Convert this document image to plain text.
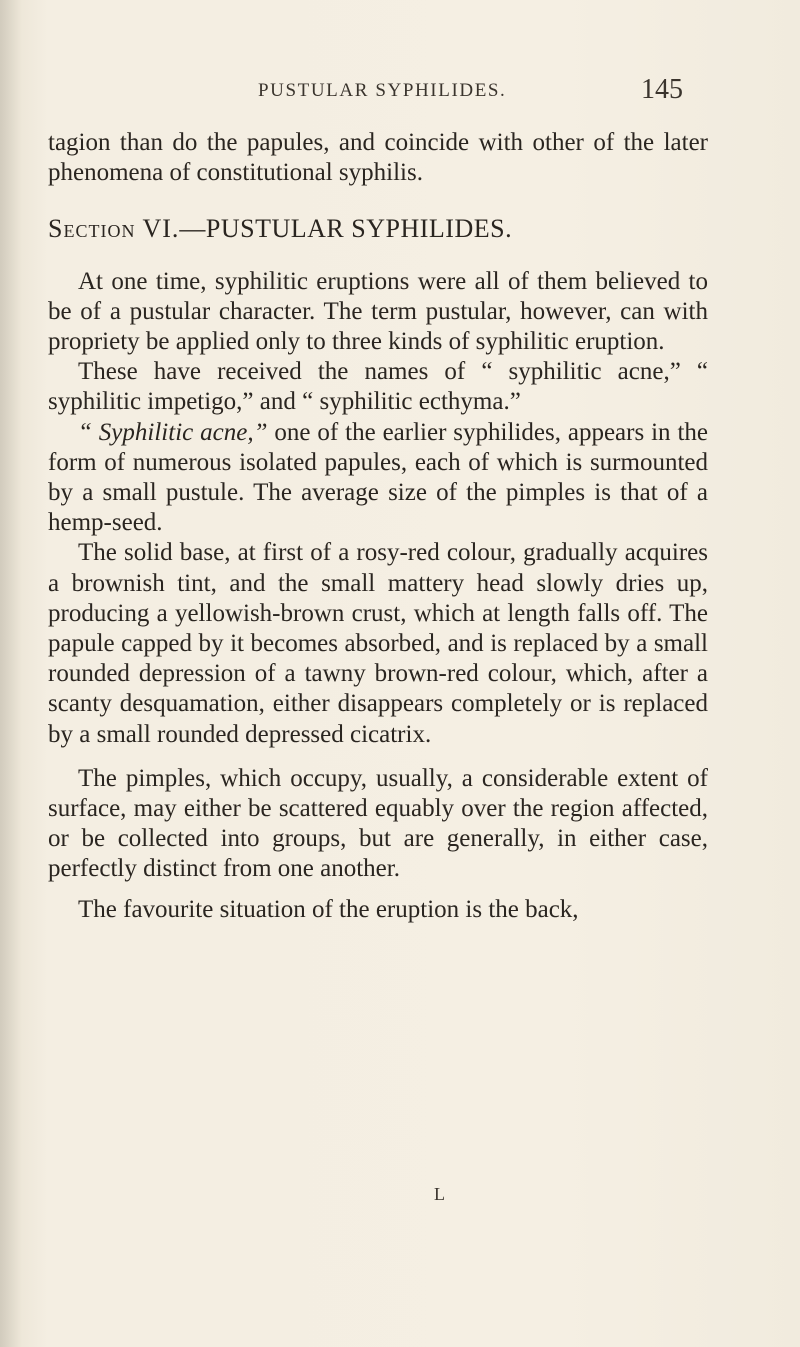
PUSTULAR SYPHILIDES.	145

tagion than do the papules, and coincide with other of the later phenomena of constitutional syphilis.

Section VI.—PUSTULAR SYPHILIDES.

At one time, syphilitic eruptions were all of them believed to be of a pustular character. The term pustular, however, can with propriety be applied only to three kinds of syphilitic eruption.

These have received the names of “ syphilitic acne,” “ syphilitic impetigo,” and “ syphilitic ecthyma.”

“ Syphilitic acne,” one of the earlier syphilides, appears in the form of numerous isolated papules, each of which is surmounted by a small pustule. The average size of the pimples is that of a hemp-seed.

The solid base, at first of a rosy-red colour, gradually acquires a brownish tint, and the small mattery head slowly dries up, producing a yellowish-brown crust, which at length falls off. The papule capped by it becomes absorbed, and is replaced by a small rounded depression of a tawny brown-red colour, which, after a scanty desquamation, either disappears completely or is replaced by a small rounded depressed cicatrix.

The pimples, which occupy, usually, a considerable extent of surface, may either be scattered equably over the region affected, or be collected into groups, but are generally, in either case, perfectly distinct from one another.

The favourite situation of the eruption is the back,

L
